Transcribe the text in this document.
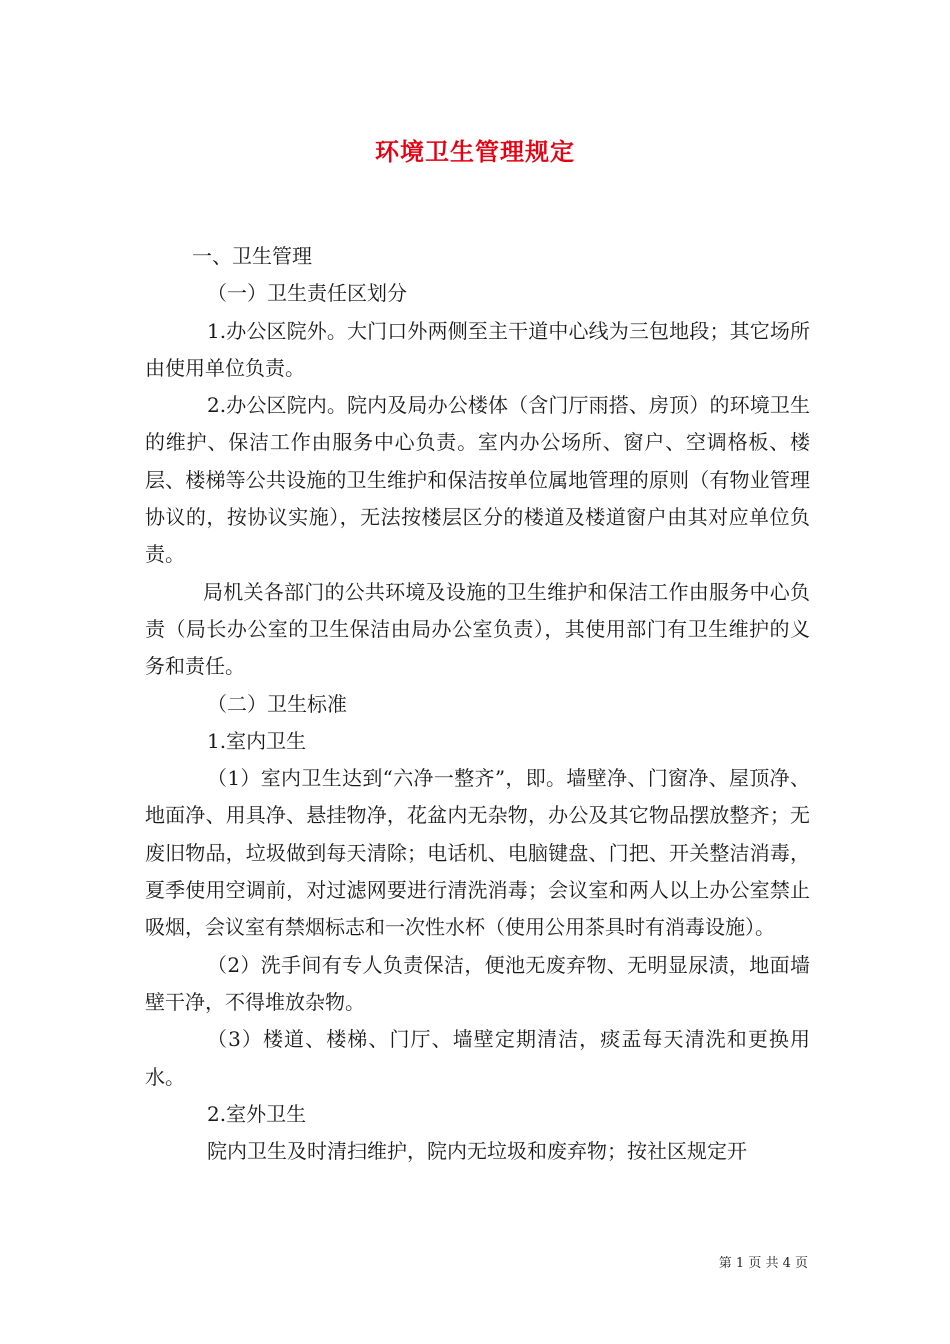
环境卫生管理规定

一、卫生管理

（一）卫生责任区划分

1.办公区院外。大门口外两侧至主干道中心线为三包地段；其它场所由使用单位负责。

2.办公区院内。院内及局办公楼体（含门厅雨搭、房顶）的环境卫生的维护、保洁工作由服务中心负责。室内办公场所、窗户、空调格板、楼层、楼梯等公共设施的卫生维护和保洁按单位属地管理的原则（有物业管理协议的，按协议实施），无法按楼层区分的楼道及楼道窗户由其对应单位负责。

局机关各部门的公共环境及设施的卫生维护和保洁工作由服务中心负责（局长办公室的卫生保洁由局办公室负责），其使用部门有卫生维护的义务和责任。

（二）卫生标准

1.室内卫生

（1）室内卫生达到“六净一整齐”，即。墙壁净、门窗净、屋顶净、地面净、用具净、悬挂物净，花盆内无杂物，办公及其它物品摆放整齐；无废旧物品，垃圾做到每天清除；电话机、电脑键盘、门把、开关整洁消毒，夏季使用空调前，对过滤网要进行清洗消毒；会议室和两人以上办公室禁止吸烟，会议室有禁烟标志和一次性水杯（使用公用茶具时有消毒设施）。

（2）洗手间有专人负责保洁，便池无废弃物、无明显尿渍，地面墙壁干净，不得堆放杂物。

（3）楼道、楼梯、门厅、墙壁定期清洁，痰盂每天清洗和更换用水。

2.室外卫生

院内卫生及时清扫维护，院内无垃圾和废弃物；按社区规定开

第 1 页 共 4 页
